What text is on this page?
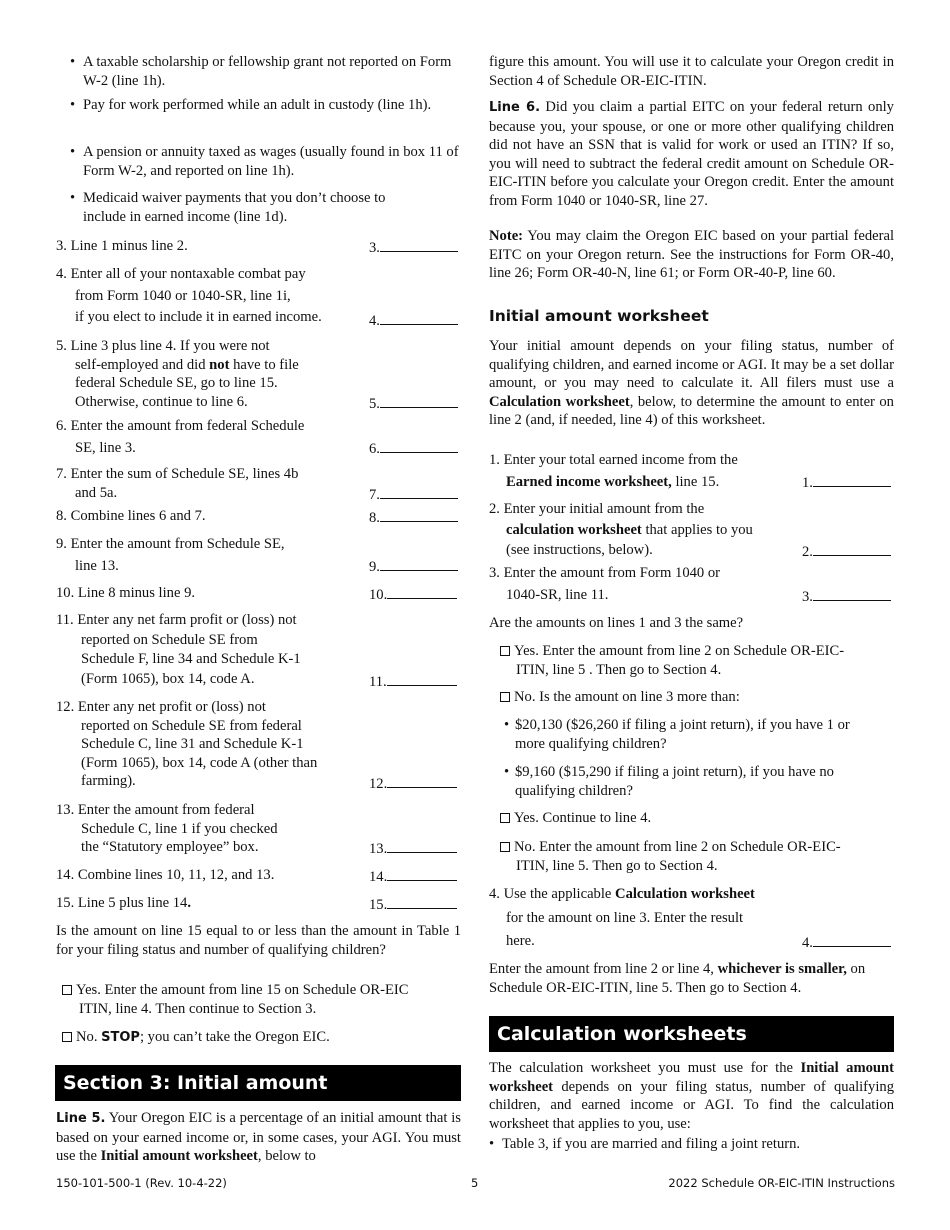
• A taxable scholarship or fellowship grant not reported on Form W-2 (line 1h).
• Pay for work performed while an adult in custody (line 1h).
• A pension or annuity taxed as wages (usually found in box 11 of Form W-2, and reported on line 1h).
• Medicaid waiver payments that you don’t choose to include in earned income (line 1d).
3. Line 1 minus line 2.	3.
4. Enter all of your nontaxable combat pay
from Form 1040 or 1040-SR, line 1i,
if you elect to include it in earned income.	4.
5. Line 3 plus line 4. If you were not
self-employed and did not have to file
federal Schedule SE, go to line 15.
Otherwise, continue to line 6.	5.
6. Enter the amount from federal Schedule
SE, line 3.	6.
7. Enter the sum of Schedule SE, lines 4b
and 5a.	7.
8. Combine lines 6 and 7.	8.
9. Enter the amount from Schedule SE,
line 13.	9.
10. Line 8 minus line 9.	10.
11. Enter any net farm profit or (loss) not
reported on Schedule SE from
Schedule F, line 34 and Schedule K-1
(Form 1065), box 14, code A.	11.
12. Enter any net profit or (loss) not
reported on Schedule SE from federal
Schedule C, line 31 and Schedule K-1
(Form 1065), box 14, code A (other than
farming).	12.
13. Enter the amount from federal
Schedule C, line 1 if you checked
the “Statutory employee” box.	13.
14. Combine lines 10, 11, 12, and 13.	14.
15. Line 5 plus line 14.	15.
Is the amount on line 15 equal to or less than the amount in Table 1 for your filing status and number of qualifying children?
Yes. Enter the amount from line 15 on Schedule OR-EIC
ITIN, line 4. Then continue to Section 3.
No. STOP; you can’t take the Oregon EIC.
Section 3: Initial amount
Line 5. Your Oregon EIC is a percentage of an initial amount that is based on your earned income or, in some cases, your AGI. You must use the Initial amount worksheet, below to
figure this amount. You will use it to calculate your Oregon credit in Section 4 of Schedule OR-EIC-ITIN.
Line 6. Did you claim a partial EITC on your federal return only because you, your spouse, or one or more other qualifying children did not have an SSN that is valid for work or used an ITIN? If so, you will need to subtract the federal credit amount on Schedule OR-EIC-ITIN before you calculate your Oregon credit. Enter the amount from Form 1040 or 1040-SR, line 27.
Note: You may claim the Oregon EIC based on your partial federal EITC on your Oregon return. See the instructions for Form OR-40, line 26; Form OR-40-N, line 61; or Form OR-40-P, line 60.
Initial amount worksheet
Your initial amount depends on your filing status, number of qualifying children, and earned income or AGI. It may be a set dollar amount, or you may need to calculate it. All filers must use a Calculation worksheet, below, to determine the amount to enter on line 2 (and, if needed, line 4) of this worksheet.
1. Enter your total earned income from the
Earned income worksheet, line 15.	1.
2. Enter your initial amount from the
calculation worksheet that applies to you
(see instructions, below).	2.
3. Enter the amount from Form 1040 or
1040-SR, line 11.	3.
Are the amounts on lines 1 and 3 the same?
Yes. Enter the amount from line 2 on Schedule OR-EIC-
ITIN, line 5 . Then go to Section 4.
No. Is the amount on line 3 more than:
• $20,130 ($26,260 if filing a joint return), if you have 1 or
more qualifying children?
• $9,160 ($15,290 if filing a joint return), if you have no
qualifying children?
Yes. Continue to line 4.
No. Enter the amount from line 2 on Schedule OR-EIC-
ITIN, line 5. Then go to Section 4.
4. Use the applicable Calculation worksheet
for the amount on line 3. Enter the result
here.	4.
Enter the amount from line 2 or line 4, whichever is smaller, on Schedule OR-EIC-ITIN, line 5. Then go to Section 4.
Calculation worksheets
The calculation worksheet you must use for the Initial amount worksheet depends on your filing status, number of qualifying children, and earned income or AGI. To find the calculation worksheet that applies to you, use:
• Table 3, if you are married and filing a joint return.
150-101-500-1 (Rev. 10-4-22)	5	2022 Schedule OR-EIC-ITIN Instructions
